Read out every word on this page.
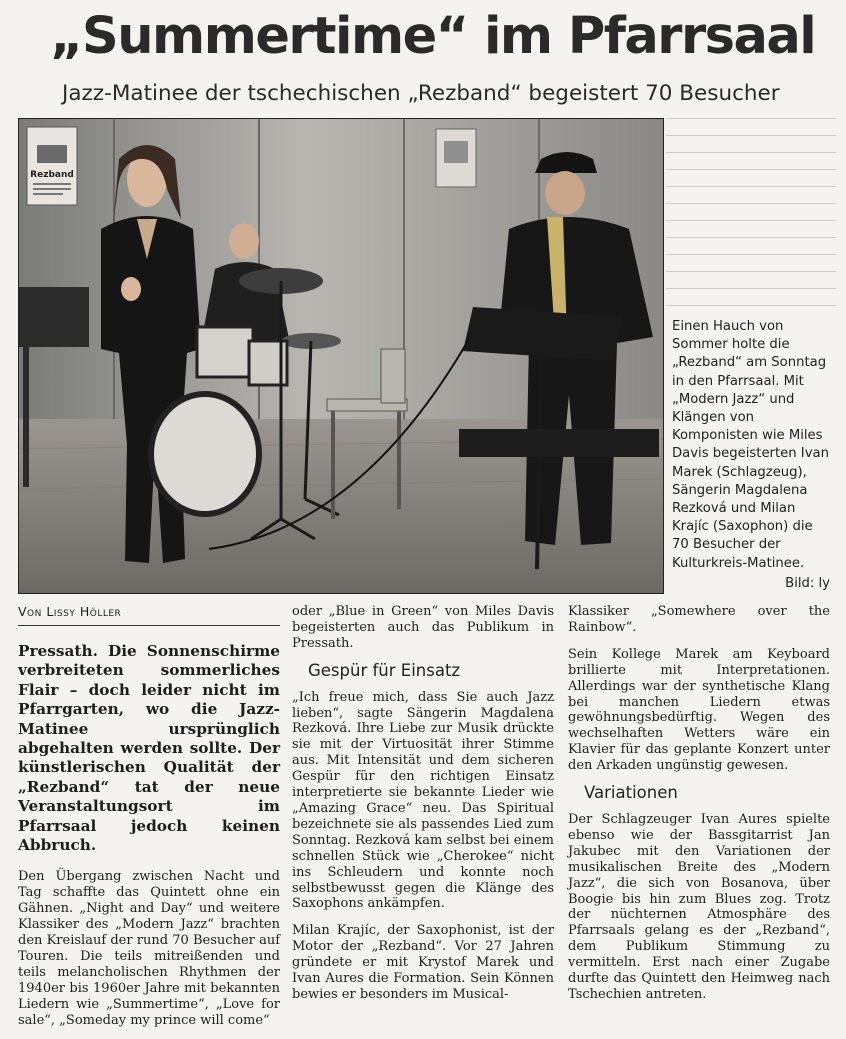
„Summertime“ im Pfarrsaal
Jazz-Matinee der tschechischen „Rezband“ begeistert 70 Besucher
Rezband
Einen Hauch von Sommer holte die „Rezband“ am Sonntag in den Pfarrsaal. Mit „Modern Jazz“ und Klängen von Komponisten wie Miles Davis begeisterten Ivan Marek (Schlagzeug), Sängerin Magdalena Rezková und Milan Krajíc (Saxophon) die 70 Besucher der Kulturkreis-Matinee.
Bild: ly
Von Lissy Höller

Pressath. Die Sonnenschirme verbreiteten sommerliches Flair – doch leider nicht im Pfarrgarten, wo die Jazz-Matinee ursprünglich abgehalten werden sollte. Der künstlerischen Qualität der „Rezband“ tat der neue Veranstaltungsort im Pfarrsaal jedoch keinen Abbruch.

Den Übergang zwischen Nacht und Tag schaffte das Quintett ohne ein Gähnen. „Night and Day“ und weitere Klassiker des „Modern Jazz“ brachten den Kreislauf der rund 70 Besucher auf Touren. Die teils mitreißenden und teils melancholischen Rhythmen der 1940er bis 1960er Jahre mit bekannten Liedern wie „Summertime“, „Love for sale“, „Someday my prince will come“

oder „Blue in Green“ von Miles Davis begeisterten auch das Publikum in Pressath.

Gespür für Einsatz

„Ich freue mich, dass Sie auch Jazz lieben“, sagte Sängerin Magdalena Rezková. Ihre Liebe zur Musik drückte sie mit der Virtuosität ihrer Stimme aus. Mit Intensität und dem sicheren Gespür für den richtigen Einsatz interpretierte sie bekannte Lieder wie „Amazing Grace“ neu. Das Spiritual bezeichnete sie als passendes Lied zum Sonntag. Rezková kam selbst bei einem schnellen Stück wie „Cherokee“ nicht ins Schleudern und konnte noch selbstbewusst gegen die Klänge des Saxophons ankämpfen.

Milan Krajíc, der Saxophonist, ist der Motor der „Rezband“. Vor 27 Jahren gründete er mit Krystof Marek und Ivan Aures die Formation. Sein Können bewies er besonders im Musical-

Klassiker „Somewhere over the Rainbow“.

Sein Kollege Marek am Keyboard brillierte mit Interpretationen. Allerdings war der synthetische Klang bei manchen Liedern etwas gewöhnungsbedürftig. Wegen des wechselhaften Wetters wäre ein Klavier für das geplante Konzert unter den Arkaden ungünstig gewesen.

Variationen

Der Schlagzeuger Ivan Aures spielte ebenso wie der Bassgitarrist Jan Jakubec mit den Variationen der musikalischen Breite des „Modern Jazz“, die sich von Bosanova, über Boogie bis hin zum Blues zog. Trotz der nüchternen Atmosphäre des Pfarrsaals gelang es der „Rezband“, dem Publikum Stimmung zu vermitteln. Erst nach einer Zugabe durfte das Quintett den Heimweg nach Tschechien antreten.
